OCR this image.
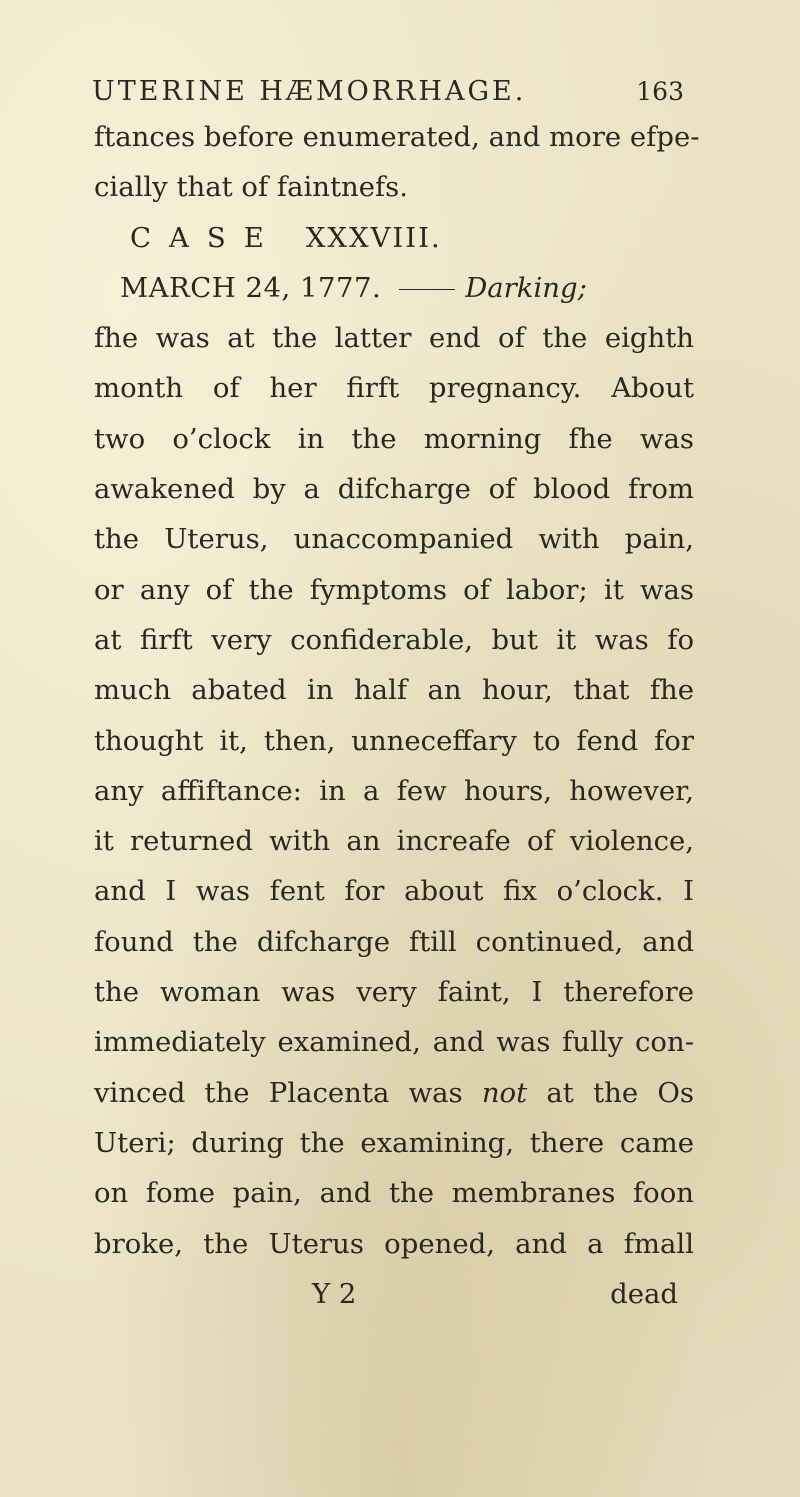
UTERINE HÆMORRHAGE.	163
ftances before enumerated, and more efpe-
cially that of faintnefs.
CASE XXXVIII.
MARCH 24, 1777.	Darking;
fhe was at the latter end of the eighth
month of her firft pregnancy. About
two o’clock in the morning fhe was
awakened by a difcharge of blood from
the Uterus, unaccompanied with pain,
or any of the fymptoms of labor; it was
at firft very confiderable, but it was fo
much abated in half an hour, that fhe
thought it, then, unneceffary to fend for
any affiftance: in a few hours, however,
it returned with an increafe of violence,
and I was fent for about fix o’clock. I
found the difcharge ftill continued, and
the woman was very faint, I therefore
immediately examined, and was fully con-
vinced the Placenta was not at the Os
Uteri; during the examining, there came
on fome pain, and the membranes foon
broke, the Uterus opened, and a fmall
Y 2	dead
